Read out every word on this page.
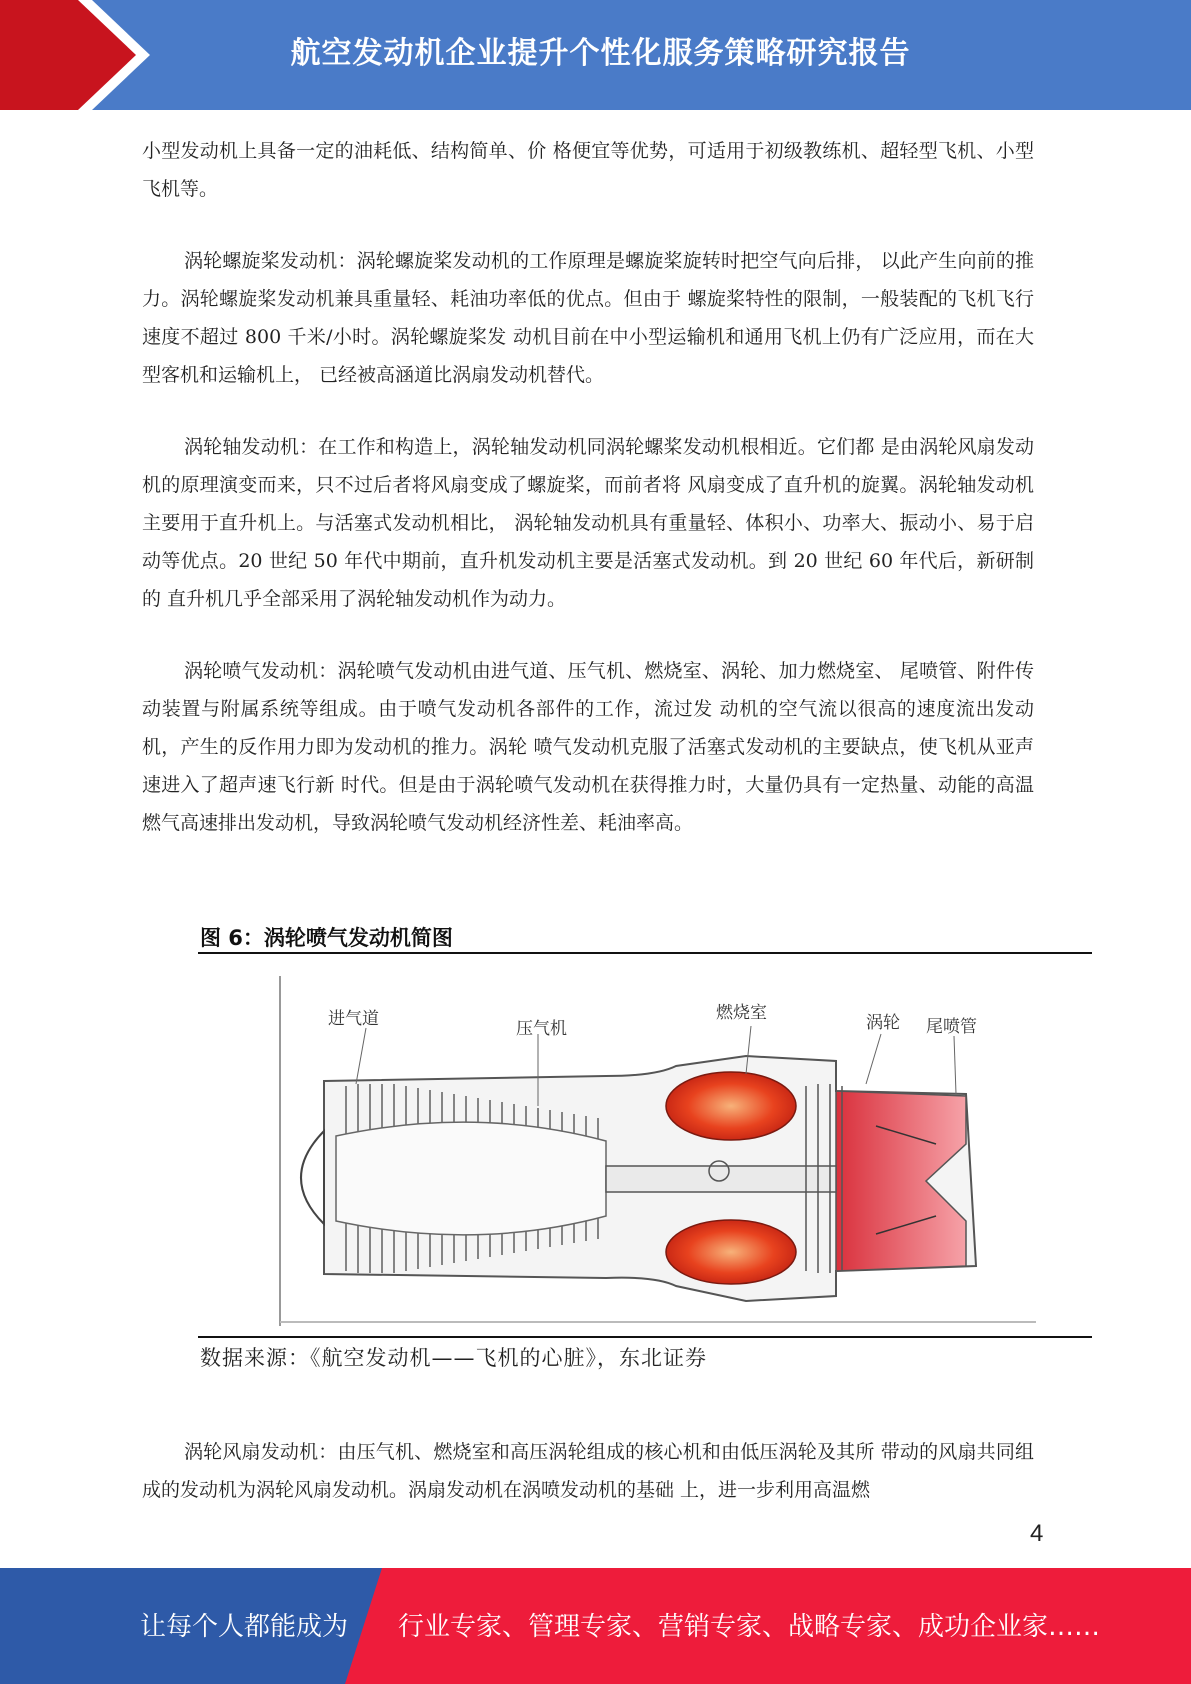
航空发动机企业提升个性化服务策略研究报告

小型发动机上具备一定的油耗低、结构简单、价 格便宜等优势，可适用于初级教练机、超轻型飞机、小型飞机等。

涡轮螺旋桨发动机：涡轮螺旋桨发动机的工作原理是螺旋桨旋转时把空气向后排， 以此产生向前的推力。涡轮螺旋桨发动机兼具重量轻、耗油功率低的优点。但由于 螺旋桨特性的限制，一般装配的飞机飞行速度不超过 800 千米/小时。涡轮螺旋桨发 动机目前在中小型运输机和通用飞机上仍有广泛应用，而在大型客机和运输机上， 已经被高涵道比涡扇发动机替代。

涡轮轴发动机：在工作和构造上，涡轮轴发动机同涡轮螺桨发动机根相近。它们都 是由涡轮风扇发动机的原理演变而来，只不过后者将风扇变成了螺旋桨，而前者将 风扇变成了直升机的旋翼。涡轮轴发动机主要用于直升机上。与活塞式发动机相比， 涡轮轴发动机具有重量轻、体积小、功率大、振动小、易于启动等优点。20 世纪 50 年代中期前，直升机发动机主要是活塞式发动机。到 20 世纪 60 年代后，新研制的 直升机几乎全部采用了涡轮轴发动机作为动力。

涡轮喷气发动机：涡轮喷气发动机由进气道、压气机、燃烧室、涡轮、加力燃烧室、 尾喷管、附件传动装置与附属系统等组成。由于喷气发动机各部件的工作，流过发 动机的空气流以很高的速度流出发动机，产生的反作用力即为发动机的推力。涡轮 喷气发动机克服了活塞式发动机的主要缺点，使飞机从亚声速进入了超声速飞行新 时代。但是由于涡轮喷气发动机在获得推力时，大量仍具有一定热量、动能的高温 燃气高速排出发动机，导致涡轮喷气发动机经济性差、耗油率高。

图 6：涡轮喷气发动机简图
进气道	压气机
燃烧室	涡轮 尾喷管
数据来源：《航空发动机——飞机的心脏》，东北证券

涡轮风扇发动机：由压气机、燃烧室和高压涡轮组成的核心机和由低压涡轮及其所 带动的风扇共同组成的发动机为涡轮风扇发动机。涡扇发动机在涡喷发动机的基础 上，进一步利用高温燃

4
让每个人都能成为 行业专家、管理专家、营销专家、战略专家、成功企业家……
